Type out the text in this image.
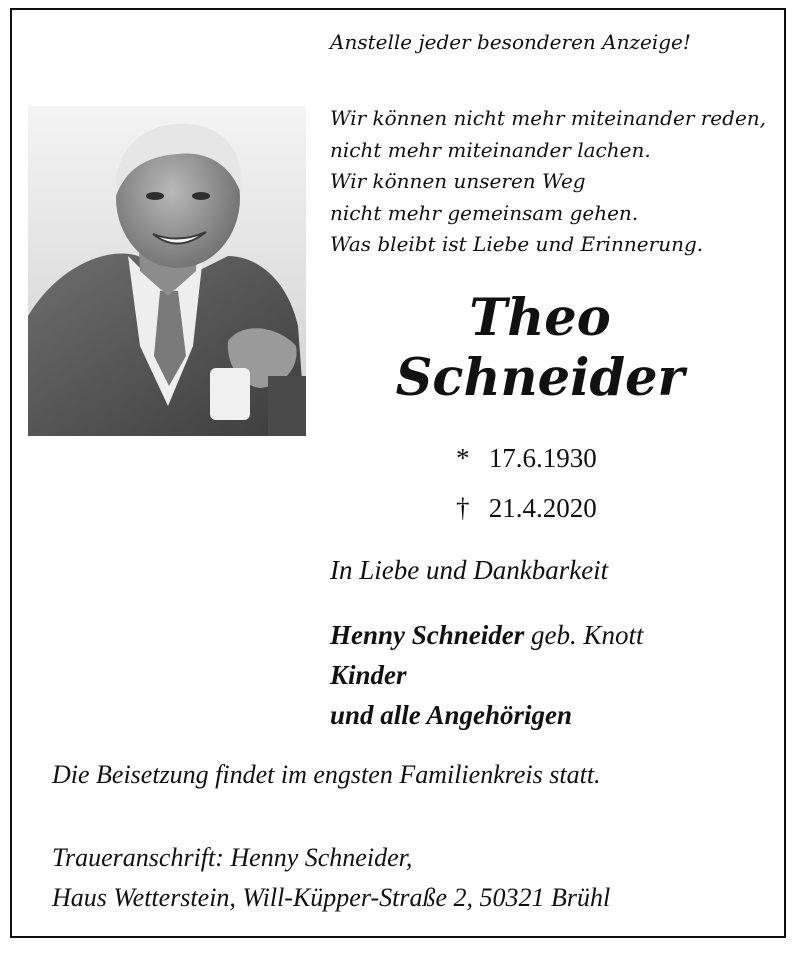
Anstelle jeder besonderen Anzeige!
Wir können nicht mehr miteinander reden,
nicht mehr miteinander lachen.
Wir können unseren Weg
nicht mehr gemeinsam gehen.
Was bleibt ist Liebe und Erinnerung.
Theo
Schneider
* 17.6.1930
† 21.4.2020
In Liebe und Dankbarkeit
Henny Schneider geb. Knott
Kinder
und alle Angehörigen
Die Beisetzung findet im engsten Familienkreis statt.
Traueranschrift: Henny Schneider,
Haus Wetterstein, Will-Küpper-Straße 2, 50321 Brühl
